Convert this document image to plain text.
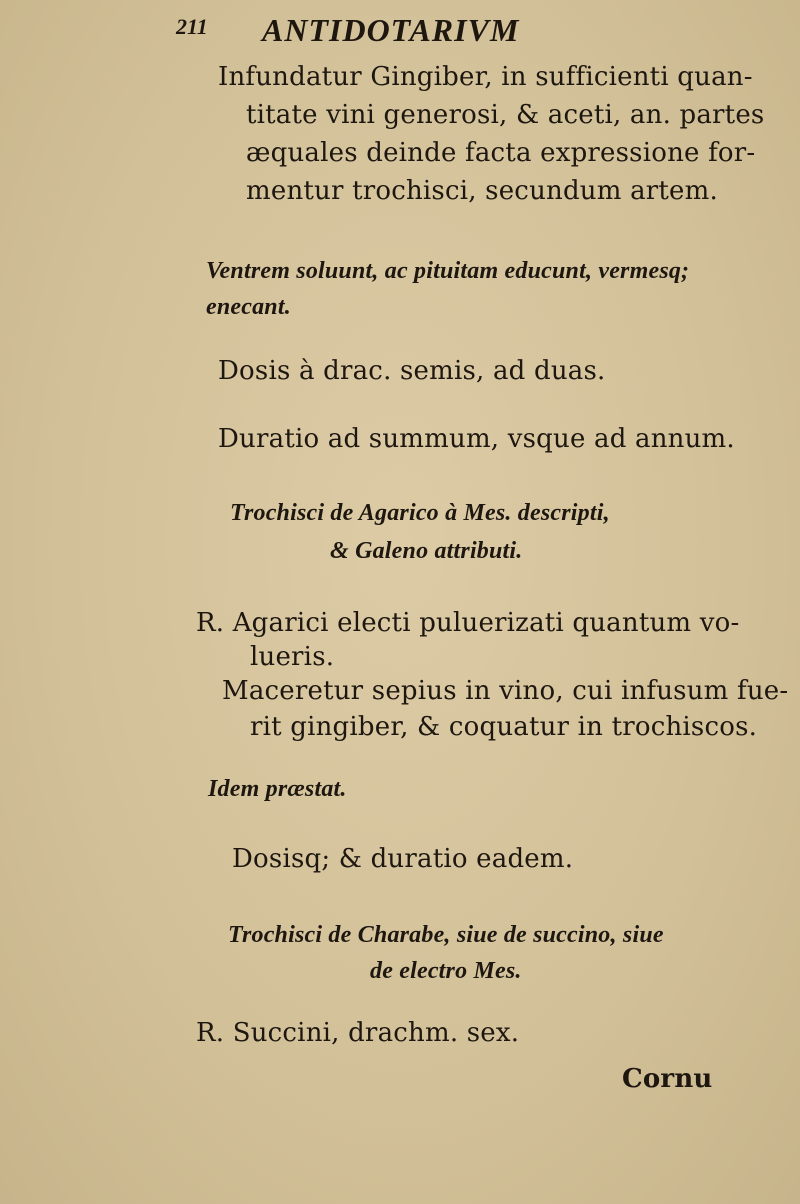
211 ANTIDOTARIVM
Infundatur Gingiber, in sufficienti quan-
titate vini generosi, & aceti, an. partes
æquales deinde facta expressione for-
mentur trochisci, secundum artem.
Ventrem soluunt, ac pituitam educunt, vermesq;
enecant.
Dosis à drac. semis, ad duas.
Duratio ad summum, vsque ad annum.
Trochisci de Agarico à Mes. descripti,
& Galeno attributi.
R. Agarici electi puluerizati quantum vo-
lueris.
Maceretur sepius in vino, cui infusum fue-
rit gingiber, & coquatur in trochiscos.
Idem præstat.
Dosisq; & duratio eadem.
Trochisci de Charabe, siue de succino, siue
de electro Mes.
R. Succini, drachm. sex.
Cornu
